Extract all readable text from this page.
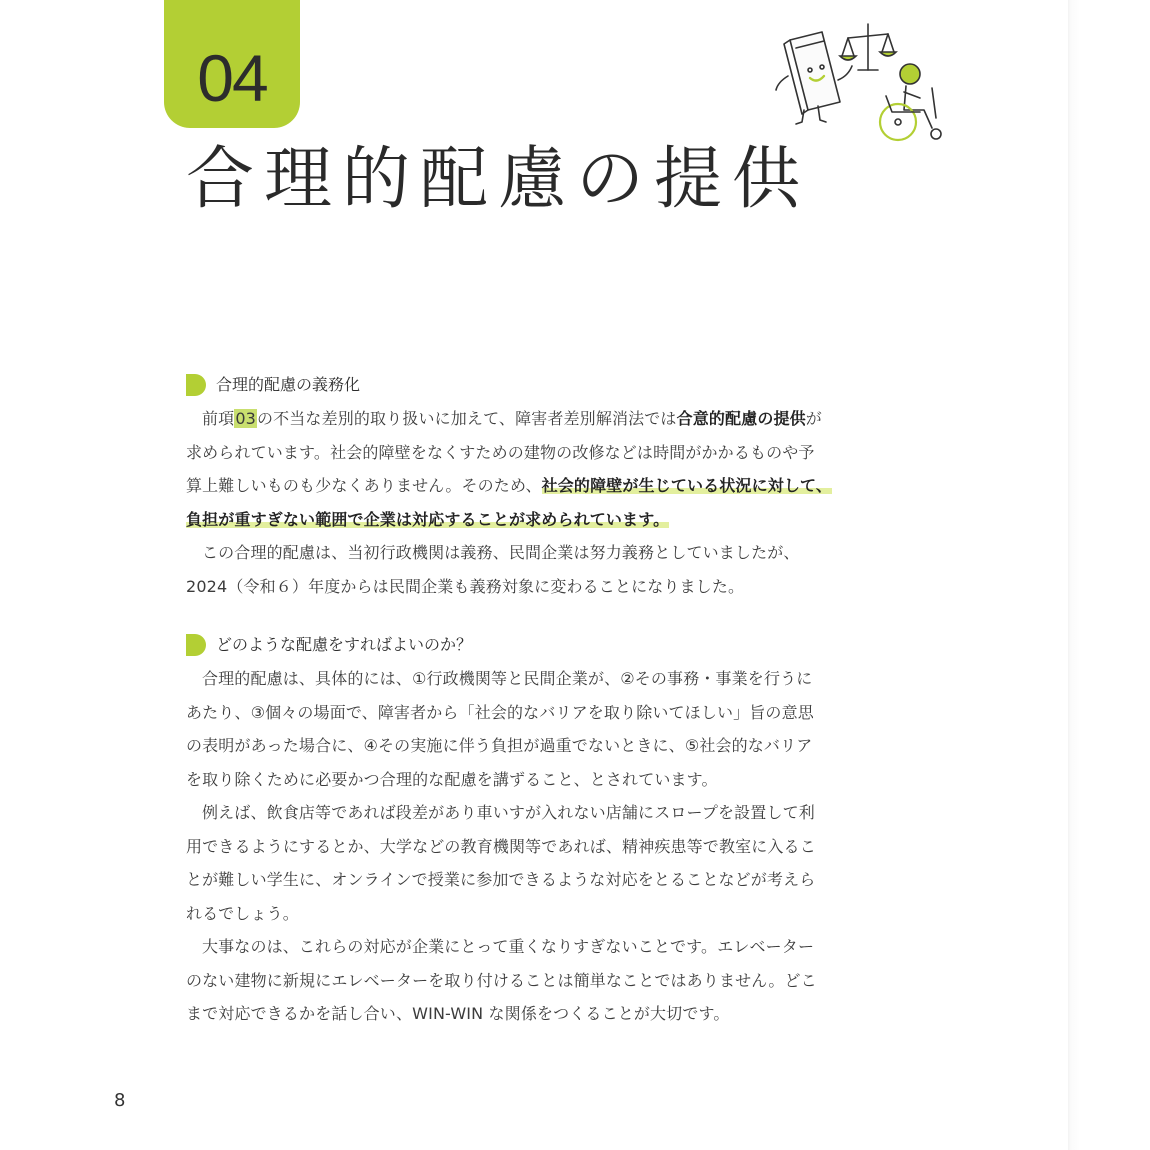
04
合理的配慮の提供
合理的配慮の義務化

前項03の不当な差別的取り扱いに加えて、障害者差別解消法では合意的配慮の提供が
求められています。社会的障壁をなくすための建物の改修などは時間がかかるものや予
算上難しいものも少なくありません。そのため、社会的障壁が生じている状況に対して、
負担が重すぎない範囲で企業は対応することが求められています。

この合理的配慮は、当初行政機関は義務、民間企業は努力義務としていましたが、
2024（令和６）年度からは民間企業も義務対象に変わることになりました。

どのような配慮をすればよいのか？

合理的配慮は、具体的には、①行政機関等と民間企業が、②その事務・事業を行うに
あたり、③個々の場面で、障害者から「社会的なバリアを取り除いてほしい」旨の意思
の表明があった場合に、④その実施に伴う負担が過重でないときに、⑤社会的なバリア
を取り除くために必要かつ合理的な配慮を講ずること、とされています。

例えば、飲食店等であれば段差があり車いすが入れない店舗にスロープを設置して利
用できるようにするとか、大学などの教育機関等であれば、精神疾患等で教室に入るこ
とが難しい学生に、オンラインで授業に参加できるような対応をとることなどが考えら
れるでしょう。

大事なのは、これらの対応が企業にとって重くなりすぎないことです。エレベーター
のない建物に新規にエレベーターを取り付けることは簡単なことではありません。どこ
まで対応できるかを話し合い、WIN-WIN な関係をつくることが大切です。

8
